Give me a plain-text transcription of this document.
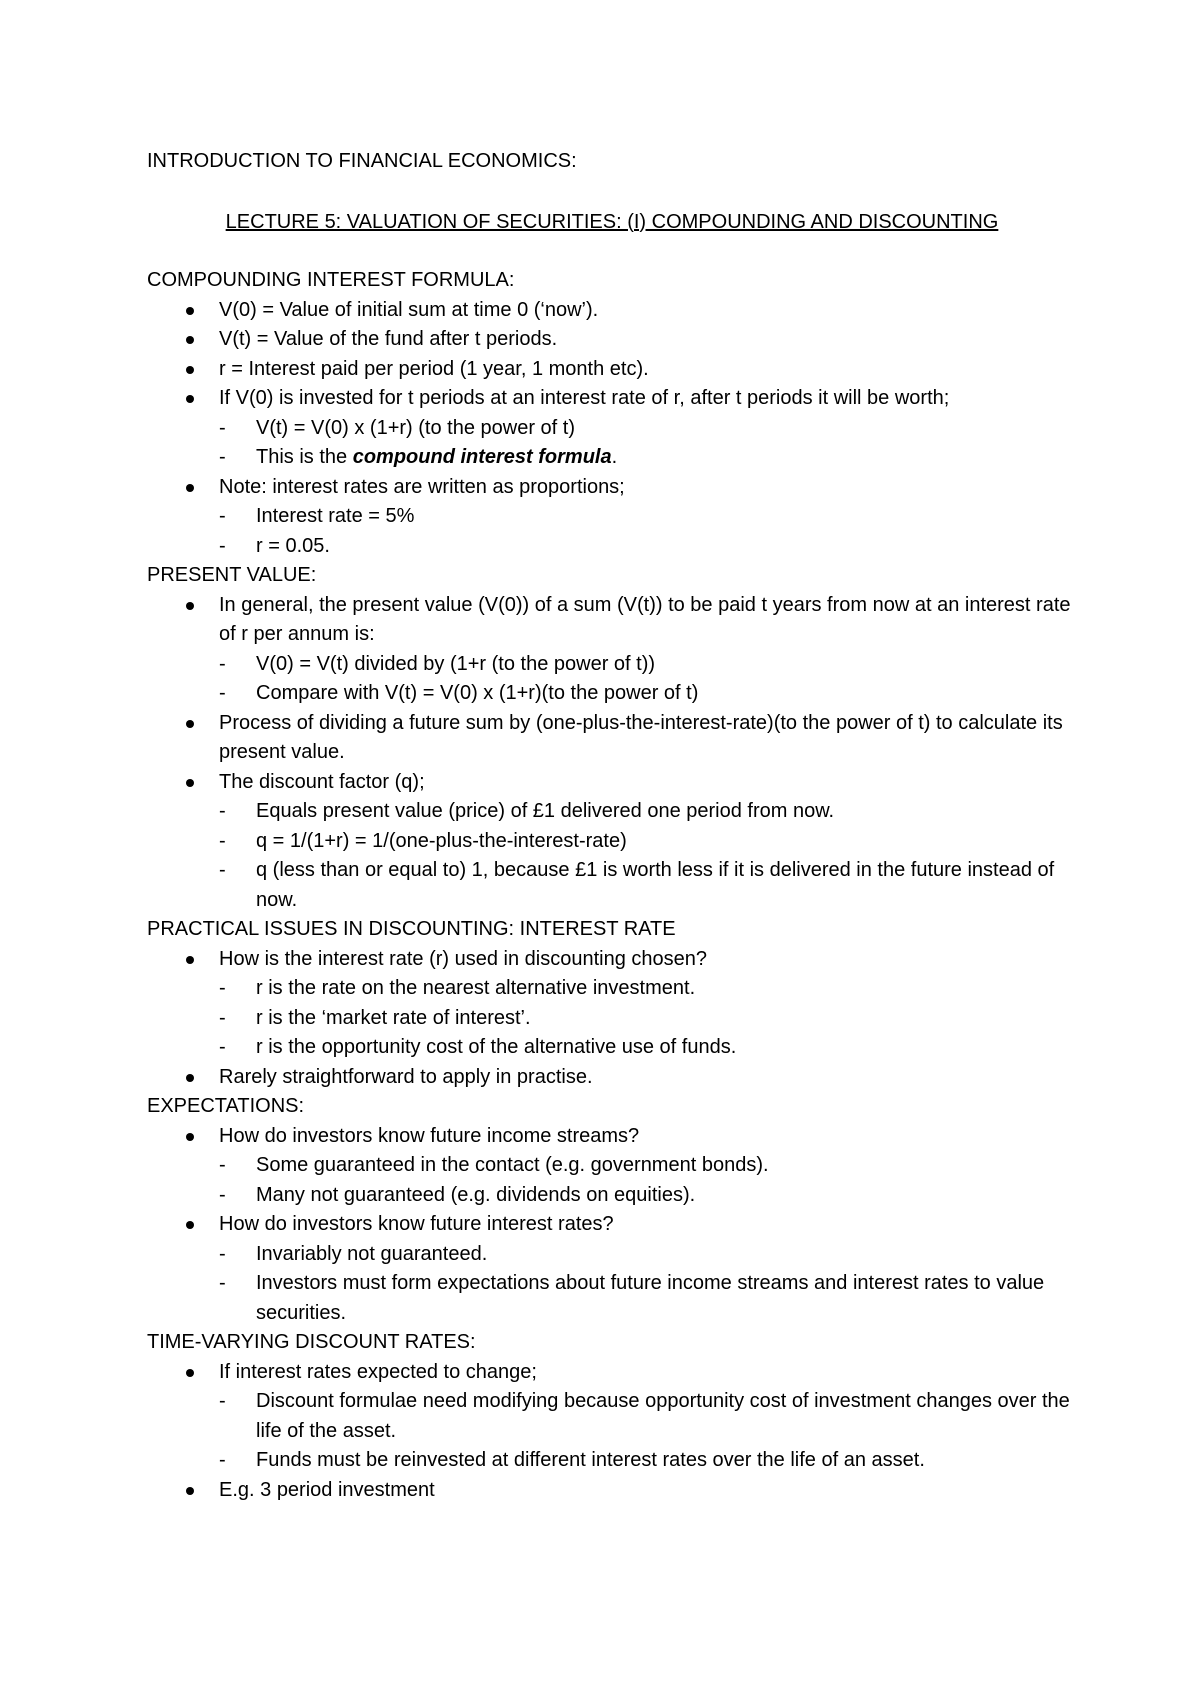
INTRODUCTION TO FINANCIAL ECONOMICS:
LECTURE 5: VALUATION OF SECURITIES: (I) COMPOUNDING AND DISCOUNTING
COMPOUNDING INTEREST FORMULA:
V(0) = Value of initial sum at time 0 (‘now’).
V(t) = Value of the fund after t periods.
r = Interest paid per period (1 year, 1 month etc).
If V(0) is invested for t periods at an interest rate of r, after t periods it will be worth;
- V(t) = V(0) x (1+r) (to the power of t)
- This is the compound interest formula.
Note: interest rates are written as proportions;
- Interest rate = 5%
- r = 0.05.
PRESENT VALUE:
In general, the present value (V(0)) of a sum (V(t)) to be paid t years from now at an interest rate of r per annum is:
- V(0) = V(t) divided by (1+r (to the power of t))
- Compare with V(t) = V(0) x (1+r)(to the power of t)
Process of dividing a future sum by (one-plus-the-interest-rate)(to the power of t) to calculate its present value.
The discount factor (q);
- Equals present value (price) of £1 delivered one period from now.
- q = 1/(1+r) = 1/(one-plus-the-interest-rate)
- q (less than or equal to) 1, because £1 is worth less if it is delivered in the future instead of now.
PRACTICAL ISSUES IN DISCOUNTING: INTEREST RATE
How is the interest rate (r) used in discounting chosen?
- r is the rate on the nearest alternative investment.
- r is the ‘market rate of interest’.
- r is the opportunity cost of the alternative use of funds.
Rarely straightforward to apply in practise.
EXPECTATIONS:
How do investors know future income streams?
- Some guaranteed in the contact (e.g. government bonds).
- Many not guaranteed (e.g. dividends on equities).
How do investors know future interest rates?
- Invariably not guaranteed.
- Investors must form expectations about future income streams and interest rates to value securities.
TIME-VARYING DISCOUNT RATES:
If interest rates expected to change;
- Discount formulae need modifying because opportunity cost of investment changes over the life of the asset.
- Funds must be reinvested at different interest rates over the life of an asset.
E.g. 3 period investment
